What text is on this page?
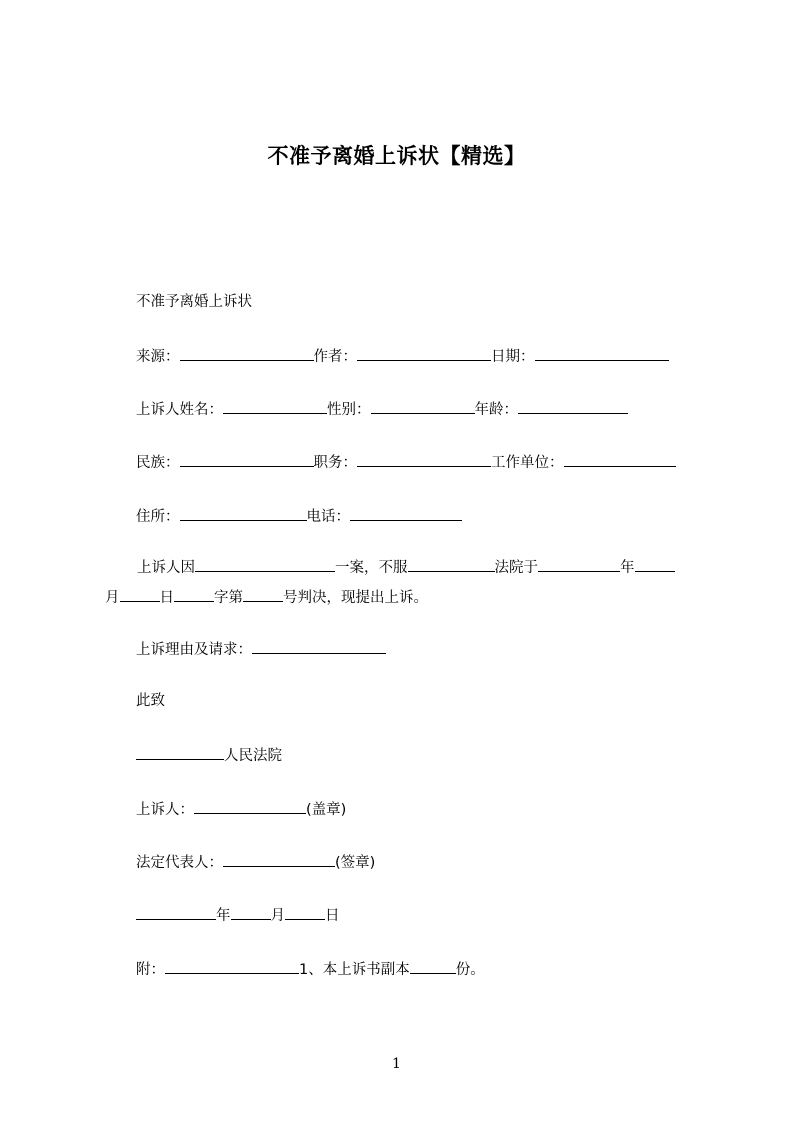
不准予离婚上诉状【精选】
不准予离婚上诉状
来源：	作者：	日期：
上诉人姓名：	性别：	年龄：
民族：	职务：	工作单位：
住所：	电话：
上诉人因	一案，不服	法院于	年
月	日	字第	号判决，现提出上诉。
上诉理由及请求：
此致
人民法院
上诉人：	(盖章)
法定代表人：	(签章)
年	月	日
附：	1、本上诉书副本	份。
1
